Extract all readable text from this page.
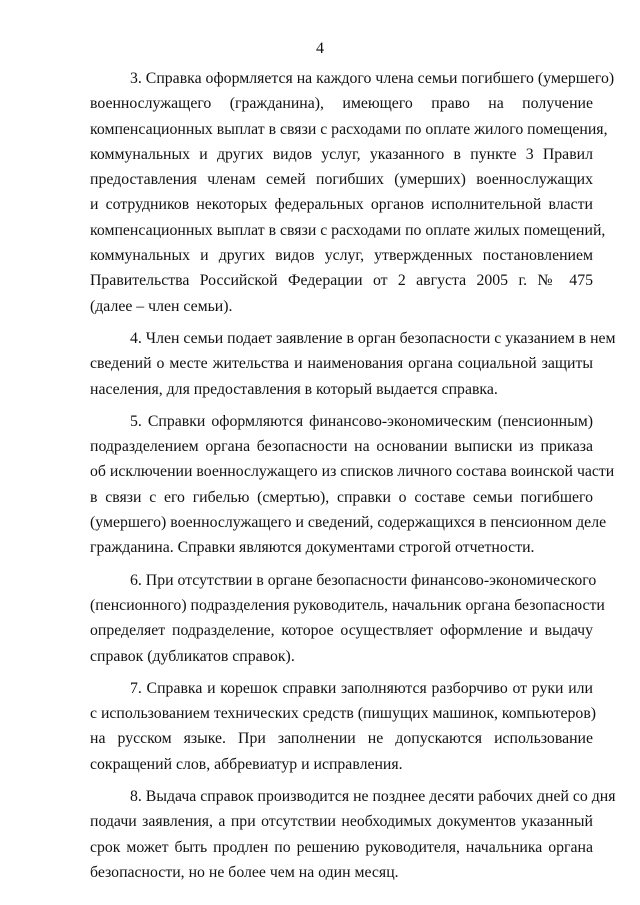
4
3. Справка оформляется на каждого члена семьи погибшего (умершего)
военнослужащего (гражданина), имеющего право на получение
компенсационных выплат в связи с расходами по оплате жилого помещения,
коммунальных и других видов услуг, указанного в пункте 3 Правил
предоставления членам семей погибших (умерших) военнослужащих
и сотрудников некоторых федеральных органов исполнительной власти
компенсационных выплат в связи с расходами по оплате жилых помещений,
коммунальных и других видов услуг, утвержденных постановлением
Правительства Российской Федерации от 2 августа 2005 г. № 475
(далее – член семьи).
4. Член семьи подает заявление в орган безопасности с указанием в нем
сведений о месте жительства и наименования органа социальной защиты
населения, для предоставления в который выдается справка.
5. Справки оформляются финансово-экономическим (пенсионным)
подразделением органа безопасности на основании выписки из приказа
об исключении военнослужащего из списков личного состава воинской части
в связи с его гибелью (смертью), справки о составе семьи погибшего
(умершего) военнослужащего и сведений, содержащихся в пенсионном деле
гражданина. Справки являются документами строгой отчетности.
6. При отсутствии в органе безопасности финансово-экономического
(пенсионного) подразделения руководитель, начальник органа безопасности
определяет подразделение, которое осуществляет оформление и выдачу
справок (дубликатов справок).
7. Справка и корешок справки заполняются разборчиво от руки или
с использованием технических средств (пишущих машинок, компьютеров)
на русском языке. При заполнении не допускаются использование
сокращений слов, аббревиатур и исправления.
8. Выдача справок производится не позднее десяти рабочих дней со дня
подачи заявления, а при отсутствии необходимых документов указанный
срок может быть продлен по решению руководителя, начальника органа
безопасности, но не более чем на один месяц.
